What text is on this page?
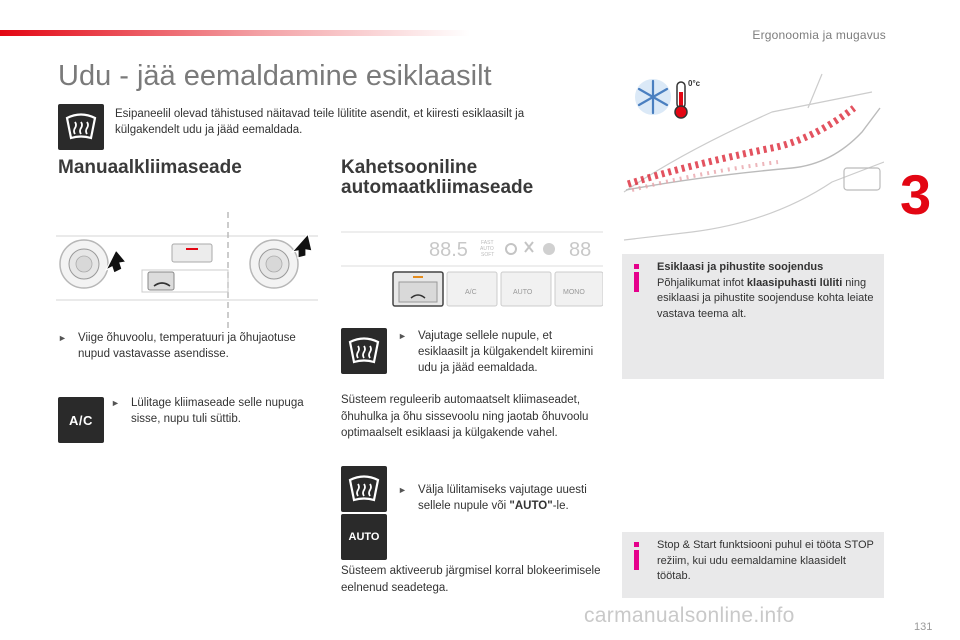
Ergonoomia ja mugavus
3
Udu - jää eemaldamine esiklaasilt
Esipaneelil olevad tähistused näitavad teile lülitite asendit, et kiiresti esiklaasilt ja külgakendelt udu ja jääd eemaldada.
Manuaalkliimaseade
► Viige õhuvoolu, temperatuuri ja õhujaotuse nupud vastavasse asendisse.
A/C
► Lülitage kliimaseade selle nupuga sisse, nupu tuli süttib.
Kahetsooniline automaatkliimaseade
88.5	FAST
AUTO
SOFT	88
A/C	AUTO	MONO
► Vajutage sellele nupule, et esiklaasilt ja külgakendelt kiiremini udu ja jääd eemaldada.
Süsteem reguleerib automaatselt kliimaseadet, õhuhulka ja õhu sissevoolu ning jaotab õhuvoolu optimaalselt esiklaasi ja külgakende vahel.
► Välja lülitamiseks vajutage uuesti sellele nupule või "AUTO"-le.
AUTO
Süsteem aktiveerub järgmisel korral blokeerimisele eelnenud seadetega.
0°c
Esiklaasi ja pihustite soojendus
Põhjalikumat infot klaasipuhasti lüliti ning esiklaasi ja pihustite soojenduse kohta leiate vastava teema alt.
Stop & Start funktsiooni puhul ei tööta STOP režiim, kui udu eemaldamine klaasidelt töötab.
carmanualsonline.info	131
